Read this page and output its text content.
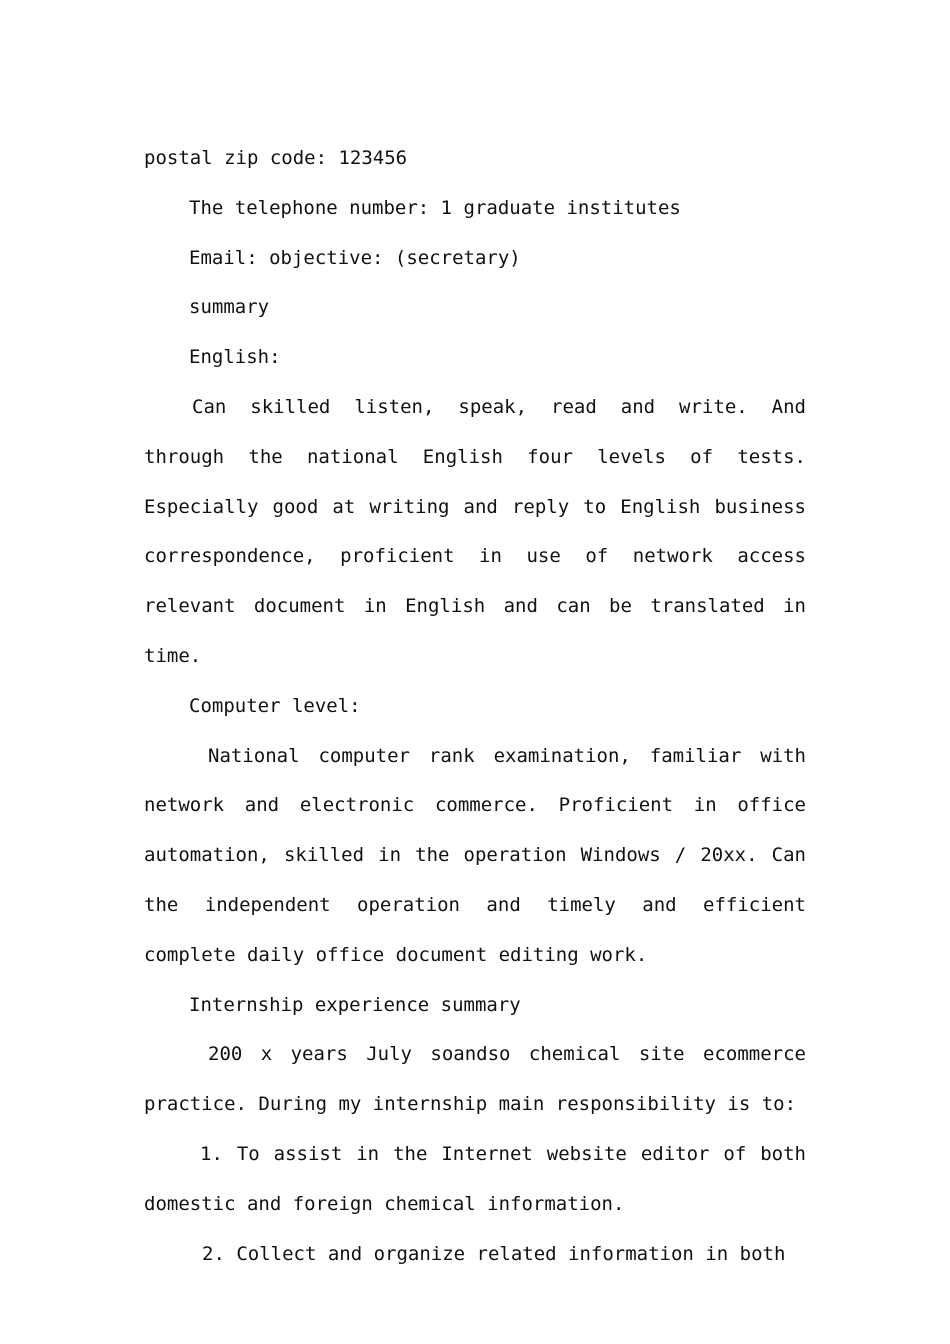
postal zip code: 123456

The telephone number: 1 graduate institutes

Email: objective: (secretary)

summary

English:

Can skilled listen, speak, read and write. And through the national English four levels of tests. Especially good at writing and reply to English business correspondence, proficient in use of network access relevant document in English and can be translated in time.

Computer level:

National computer rank examination, familiar with network and electronic commerce. Proficient in office automation, skilled in the operation Windows / 20xx. Can the independent operation and timely and efficient complete daily office document editing work.

Internship experience summary

200 x years July soandso chemical site ecommerce practice. During my internship main responsibility is to:

1. To assist in the Internet website editor of both domestic and foreign chemical information.

2. Collect and organize related information in both
